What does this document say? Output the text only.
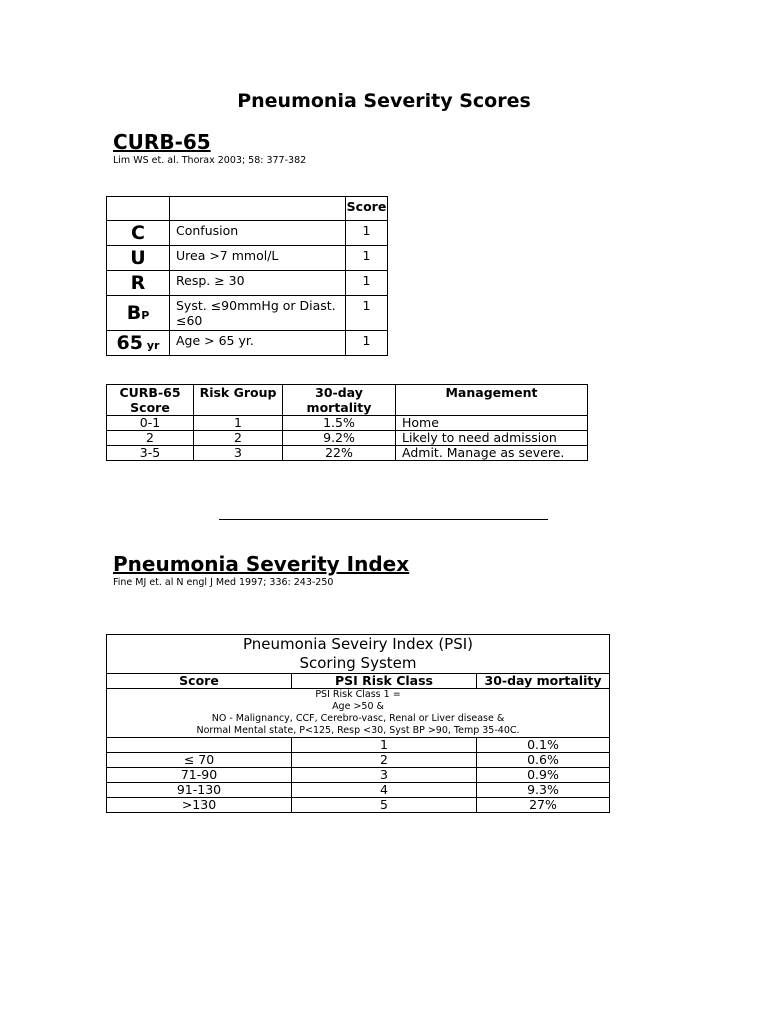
Pneumonia Severity Scores
CURB-65
Lim WS et. al. Thorax 2003; 58: 377-382
		Score
C	Confusion	1
U	Urea >7 mmol/L	1
R	Resp. ≥ 30	1
BP	Syst. ≤90mmHg or Diast. ≤60	1
65 yr	Age > 65 yr.	1
CURB-65 Score	Risk Group	30-day mortality	Management
0-1	1	1.5%	Home
2	2	9.2%	Likely to need admission
3-5	3	22%	Admit. Manage as severe.
Pneumonia Severity Index
Fine MJ et. al N engl J Med 1997; 336: 243-250
Pneumonia Seveiry Index (PSI)
Scoring System		

Score	PSI Risk Class	30-day mortality

PSI Risk Class 1 =
Age >50 &
NO - Malignancy, CCF, Cerebro-vasc, Renal or Liver disease &
Normal Mental state, P<125, Resp <30, Syst BP >90, Temp 35-40C.		

	1	0.1%
≤ 70	2	0.6%
71-90	3	0.9%
91-130	4	9.3%
>130	5	27%
